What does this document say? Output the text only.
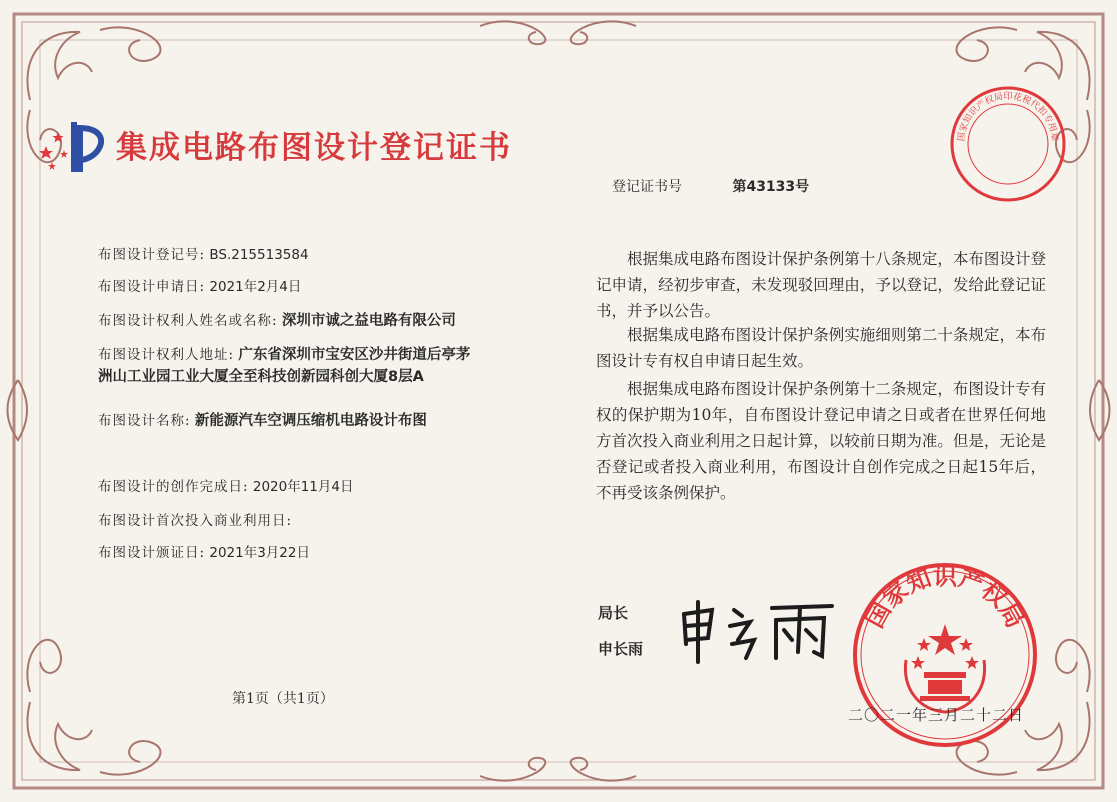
集成电路布图设计登记证书
布图设计登记号: BS.215513584
布图设计申请日: 2021年2月4日
布图设计权利人姓名或名称: 深圳市诚之益电路有限公司
布图设计权利人地址: 广东省深圳市宝安区沙井街道后亭茅洲山工业园工业大厦全至科技创新园科创大厦8层A
布图设计名称: 新能源汽车空调压缩机电路设计布图
布图设计的创作完成日: 2020年11月4日
布图设计首次投入商业利用日:
布图设计颁证日: 2021年3月22日
登记证书号	第43133号

根据集成电路布图设计保护条例第十八条规定，本布图设计登记申请，经初步审查，未发现驳回理由，予以登记，发给此登记证书，并予以公告。

根据集成电路布图设计保护条例实施细则第二十条规定，本布图设计专有权自申请日起生效。

根据集成电路布图设计保护条例第十二条规定，布图设计专有权的保护期为10年，自布图设计登记申请之日或者在世界任何地方首次投入商业利用之日起计算，以较前日期为准。但是，无论是否登记或者投入商业利用，布图设计自创作完成之日起15年后，不再受该条例保护。

局长
申长雨
国家知识产权局
二〇二一年三月二十二日
国家知识产权局印花税代扣专用章
第1页（共1页）
